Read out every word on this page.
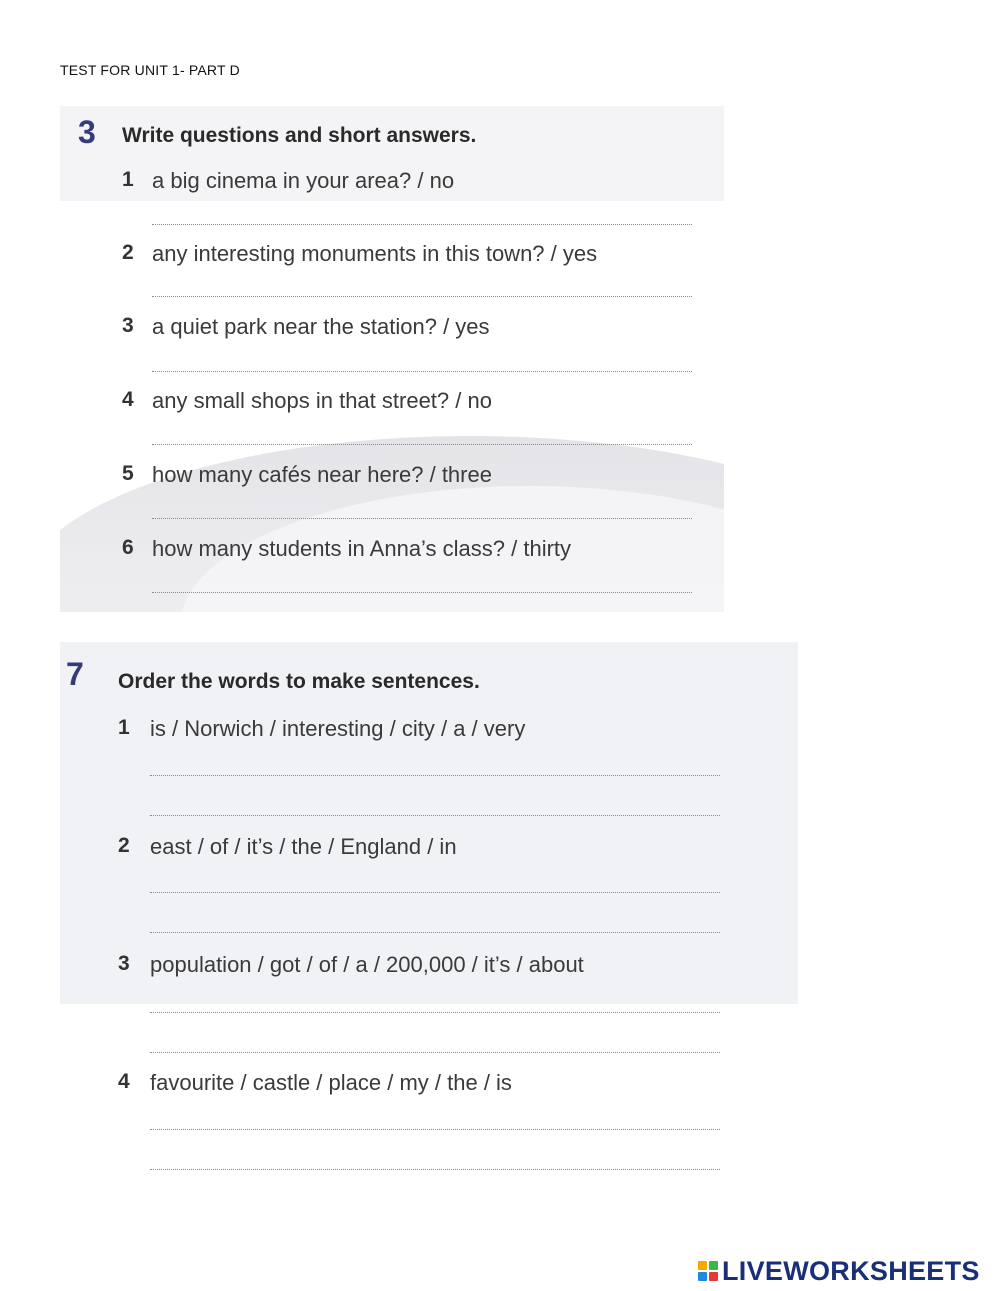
TEST FOR UNIT 1- PART D
3 Write questions and short answers.
1 a big cinema in your area? / no
2 any interesting monuments in this town? / yes
3 a quiet park near the station? / yes
4 any small shops in that street? / no
5 how many cafés near here? / three
6 how many students in Anna’s class? / thirty
7 Order the words to make sentences.
1 is / Norwich / interesting / city / a / very
2 east / of / it’s / the / England / in
3 population / got / of / a / 200,000 / it’s / about
4 favourite / castle / place / my / the / is
LIVEWORKSHEETS
